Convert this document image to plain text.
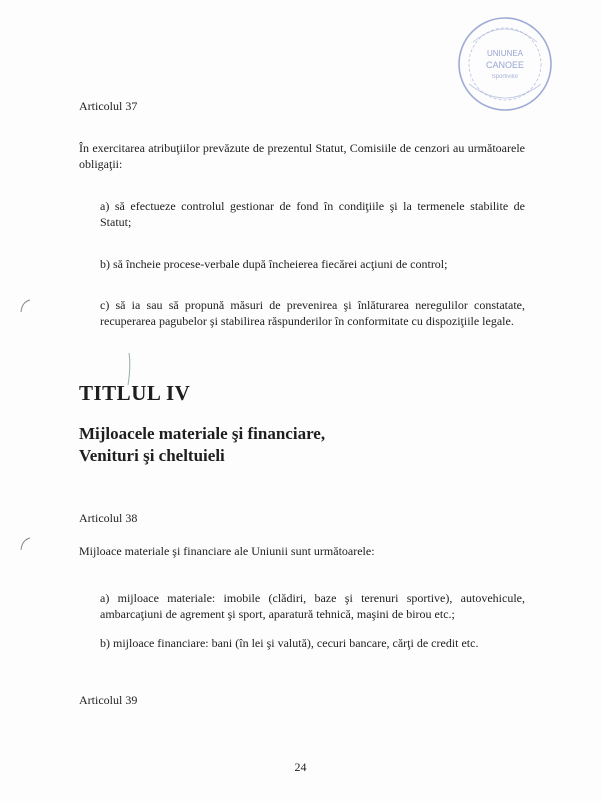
UNIUNEA
CANOEE
Sportivilor

Articolul 37

În exercitarea atribuţiilor prevăzute de prezentul Statut, Comisiile de cenzori au următoarele obligaţii:

a) să efectueze controlul gestionar de fond în condiţiile şi la termenele stabilite de Statut;

b) să încheie procese-verbale după încheierea fiecărei acţiuni de control;

c) să ia sau să propună măsuri de prevenirea şi înlăturarea neregulilor constatate, recuperarea pagubelor şi stabilirea răspunderilor în conformitate cu dispoziţiile legale.

TITLUL IV

Mijloacele materiale şi financiare,
Venituri şi cheltuieli

Articolul 38

Mijloace materiale şi financiare ale Uniunii sunt următoarele:

a) mijloace materiale: imobile (clădiri, baze şi terenuri sportive), autovehicule, ambarcaţiuni de agrement şi sport, aparatură tehnică, maşini de birou etc.;

b) mijloace financiare: bani (în lei şi valută), cecuri bancare, cărţi de credit etc.

Articolul 39

24
